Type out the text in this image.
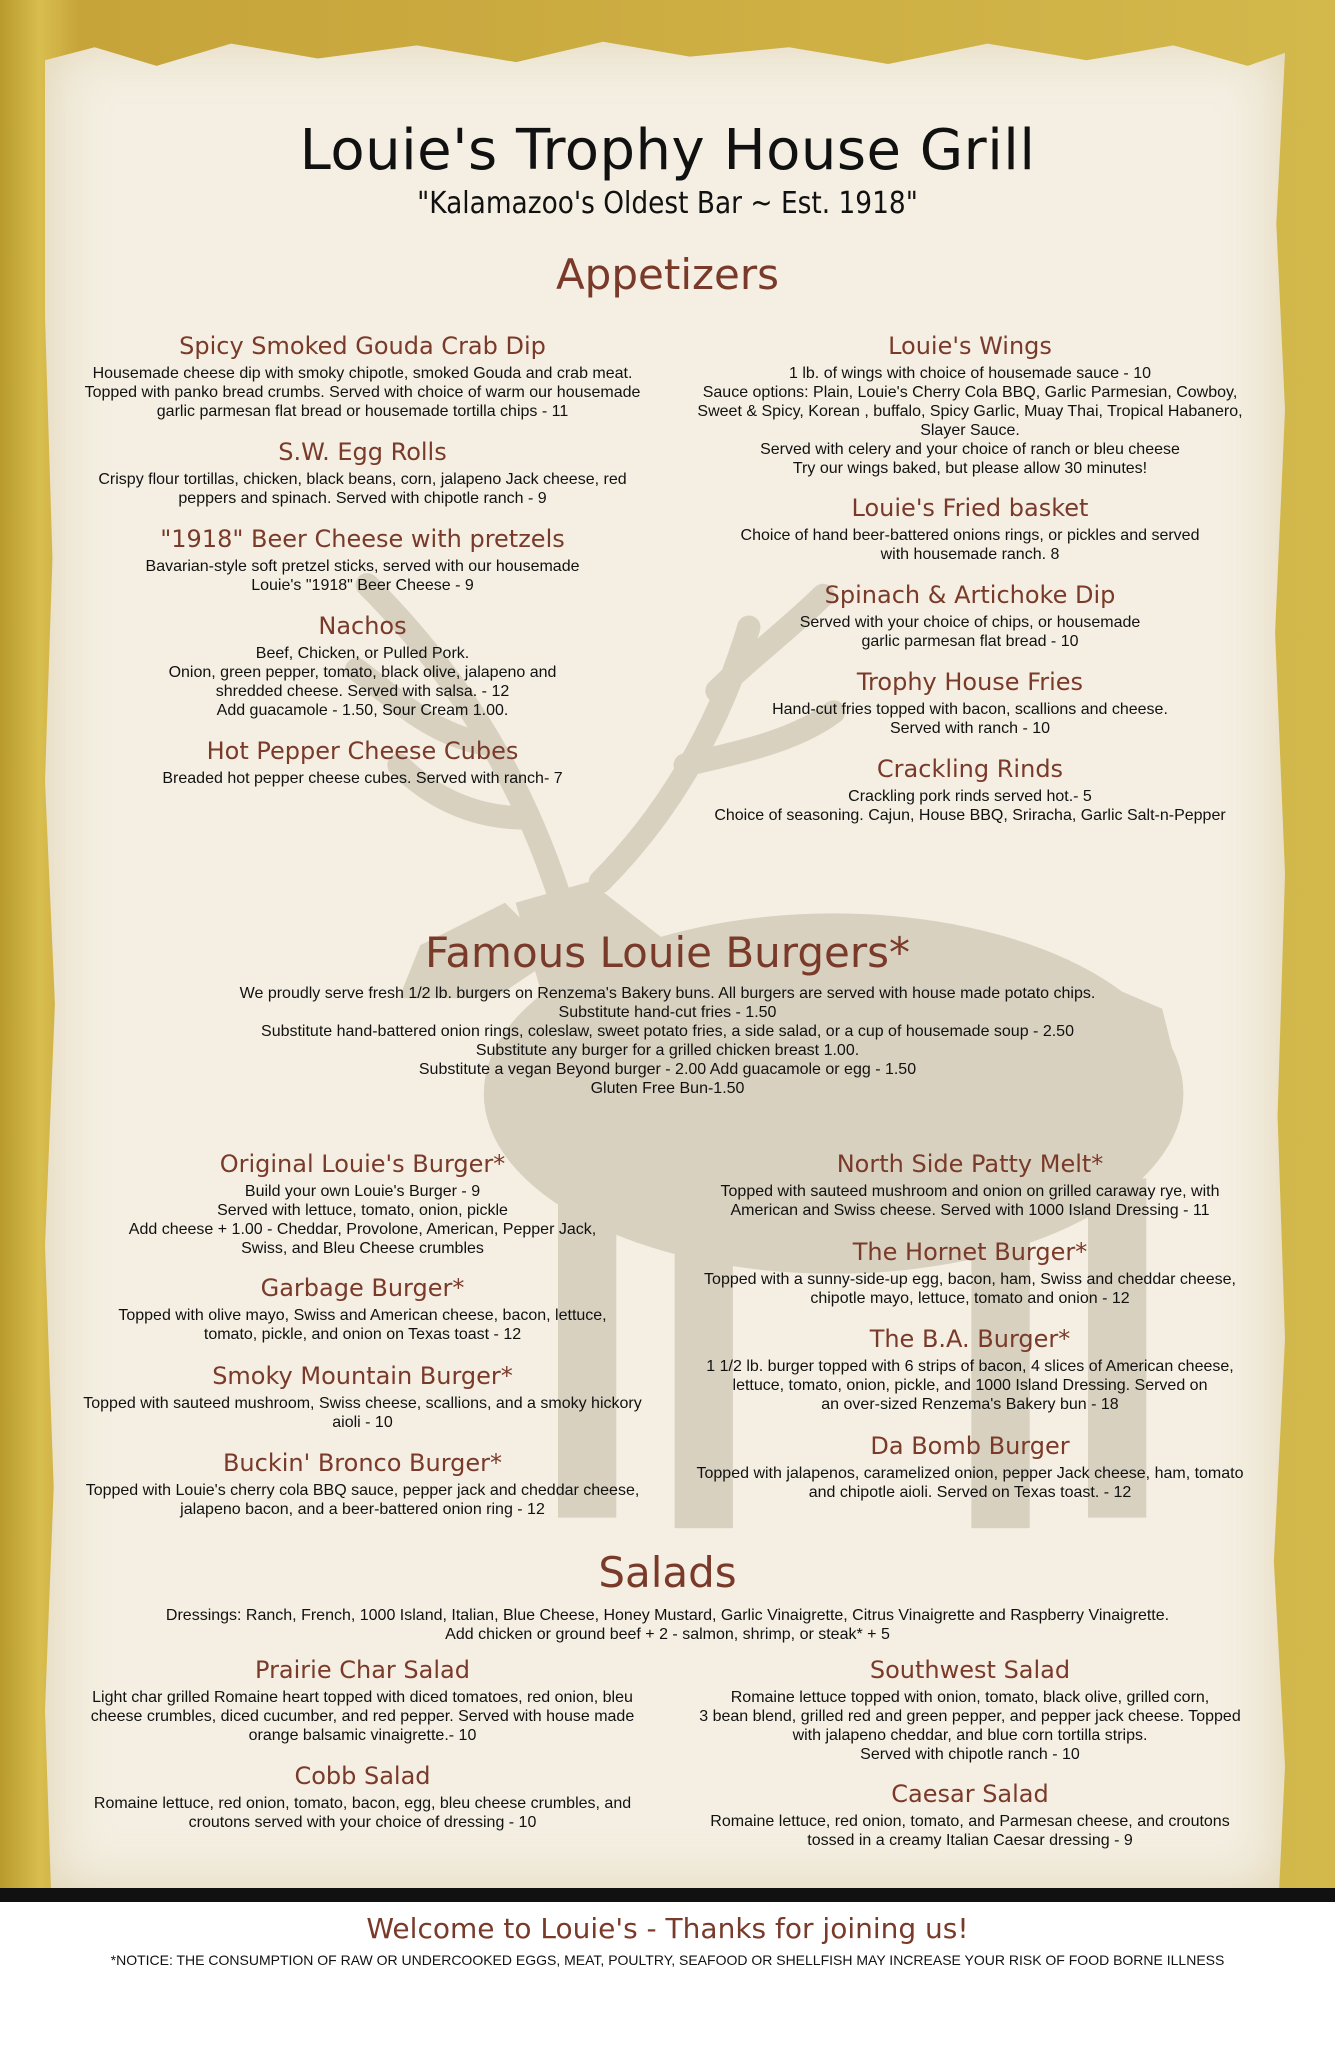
Louie's Trophy House Grill
"Kalamazoo's Oldest Bar ~ Est. 1918"
Appetizers
Spicy Smoked Gouda Crab Dip
Housemade cheese dip with smoky chipotle, smoked Gouda and crab meat.
Topped with panko bread crumbs. Served with choice of warm our housemade
garlic parmesan flat bread or housemade tortilla chips - 11
S.W. Egg Rolls
Crispy flour tortillas, chicken, black beans, corn, jalapeno Jack cheese, red
peppers and spinach. Served with chipotle ranch - 9
"1918" Beer Cheese with pretzels
Bavarian-style soft pretzel sticks, served with our housemade
Louie's "1918" Beer Cheese - 9
Nachos
Beef, Chicken, or Pulled Pork.
Onion, green pepper, tomato, black olive, jalapeno and
shredded cheese. Served with salsa. - 12
Add guacamole - 1.50, Sour Cream 1.00.
Hot Pepper Cheese Cubes
Breaded hot pepper cheese cubes. Served with ranch- 7
Louie's Wings
1 lb. of wings with choice of housemade sauce - 10
Sauce options: Plain, Louie's Cherry Cola BBQ, Garlic Parmesian, Cowboy,
Sweet & Spicy, Korean , buffalo, Spicy Garlic, Muay Thai, Tropical Habanero,
Slayer Sauce.
Served with celery and your choice of ranch or bleu cheese
Try our wings baked, but please allow 30 minutes!
Louie's Fried basket
Choice of hand beer-battered onions rings, or pickles and served
with housemade ranch. 8
Spinach & Artichoke Dip
Served with your choice of chips, or housemade
garlic parmesan flat bread - 10
Trophy House Fries
Hand-cut fries topped with bacon, scallions and cheese.
Served with ranch - 10
Crackling Rinds
Crackling pork rinds served hot.- 5
Choice of seasoning. Cajun, House BBQ, Sriracha, Garlic Salt-n-Pepper
Famous Louie Burgers*
We proudly serve fresh 1/2 lb. burgers on Renzema's Bakery buns. All burgers are served with house made potato chips.
Substitute hand-cut fries - 1.50
Substitute hand-battered onion rings, coleslaw, sweet potato fries, a side salad, or a cup of housemade soup - 2.50
Substitute any burger for a grilled chicken breast 1.00.
Substitute a vegan Beyond burger - 2.00 Add guacamole or egg - 1.50
Gluten Free Bun-1.50
Original Louie's Burger*
Build your own Louie's Burger - 9
Served with lettuce, tomato, onion, pickle
Add cheese + 1.00 - Cheddar, Provolone, American, Pepper Jack,
Swiss, and Bleu Cheese crumbles
Garbage Burger*
Topped with olive mayo, Swiss and American cheese, bacon, lettuce,
tomato, pickle, and onion on Texas toast - 12
Smoky Mountain Burger*
Topped with sauteed mushroom, Swiss cheese, scallions, and a smoky hickory
aioli - 10
Buckin' Bronco Burger*
Topped with Louie's cherry cola BBQ sauce, pepper jack and cheddar cheese,
jalapeno bacon, and a beer-battered onion ring - 12
North Side Patty Melt*
Topped with sauteed mushroom and onion on grilled caraway rye, with
American and Swiss cheese. Served with 1000 Island Dressing - 11
The Hornet Burger*
Topped with a sunny-side-up egg, bacon, ham, Swiss and cheddar cheese,
chipotle mayo, lettuce, tomato and onion - 12
The B.A. Burger*
1 1/2 lb. burger topped with 6 strips of bacon, 4 slices of American cheese,
lettuce, tomato, onion, pickle, and 1000 Island Dressing. Served on
an over-sized Renzema's Bakery bun - 18
Da Bomb Burger
Topped with jalapenos, caramelized onion, pepper Jack cheese, ham, tomato
and chipotle aioli. Served on Texas toast. - 12
Salads
Dressings: Ranch, French, 1000 Island, Italian, Blue Cheese, Honey Mustard, Garlic Vinaigrette, Citrus Vinaigrette and Raspberry Vinaigrette.
Add chicken or ground beef + 2 - salmon, shrimp, or steak* + 5
Prairie Char Salad
Light char grilled Romaine heart topped with diced tomatoes, red onion, bleu
cheese crumbles, diced cucumber, and red pepper. Served with house made
orange balsamic vinaigrette.- 10
Cobb Salad
Romaine lettuce, red onion, tomato, bacon, egg, bleu cheese crumbles, and
croutons served with your choice of dressing - 10
Southwest Salad
Romaine lettuce topped with onion, tomato, black olive, grilled corn,
3 bean blend, grilled red and green pepper, and pepper jack cheese. Topped
with jalapeno cheddar, and blue corn tortilla strips.
Served with chipotle ranch - 10
Caesar Salad
Romaine lettuce, red onion, tomato, and Parmesan cheese, and croutons
tossed in a creamy Italian Caesar dressing - 9
Welcome to Louie's - Thanks for joining us!
*NOTICE: THE CONSUMPTION OF RAW OR UNDERCOOKED EGGS, MEAT, POULTRY, SEAFOOD OR SHELLFISH MAY INCREASE YOUR RISK OF FOOD BORNE ILLNESS
